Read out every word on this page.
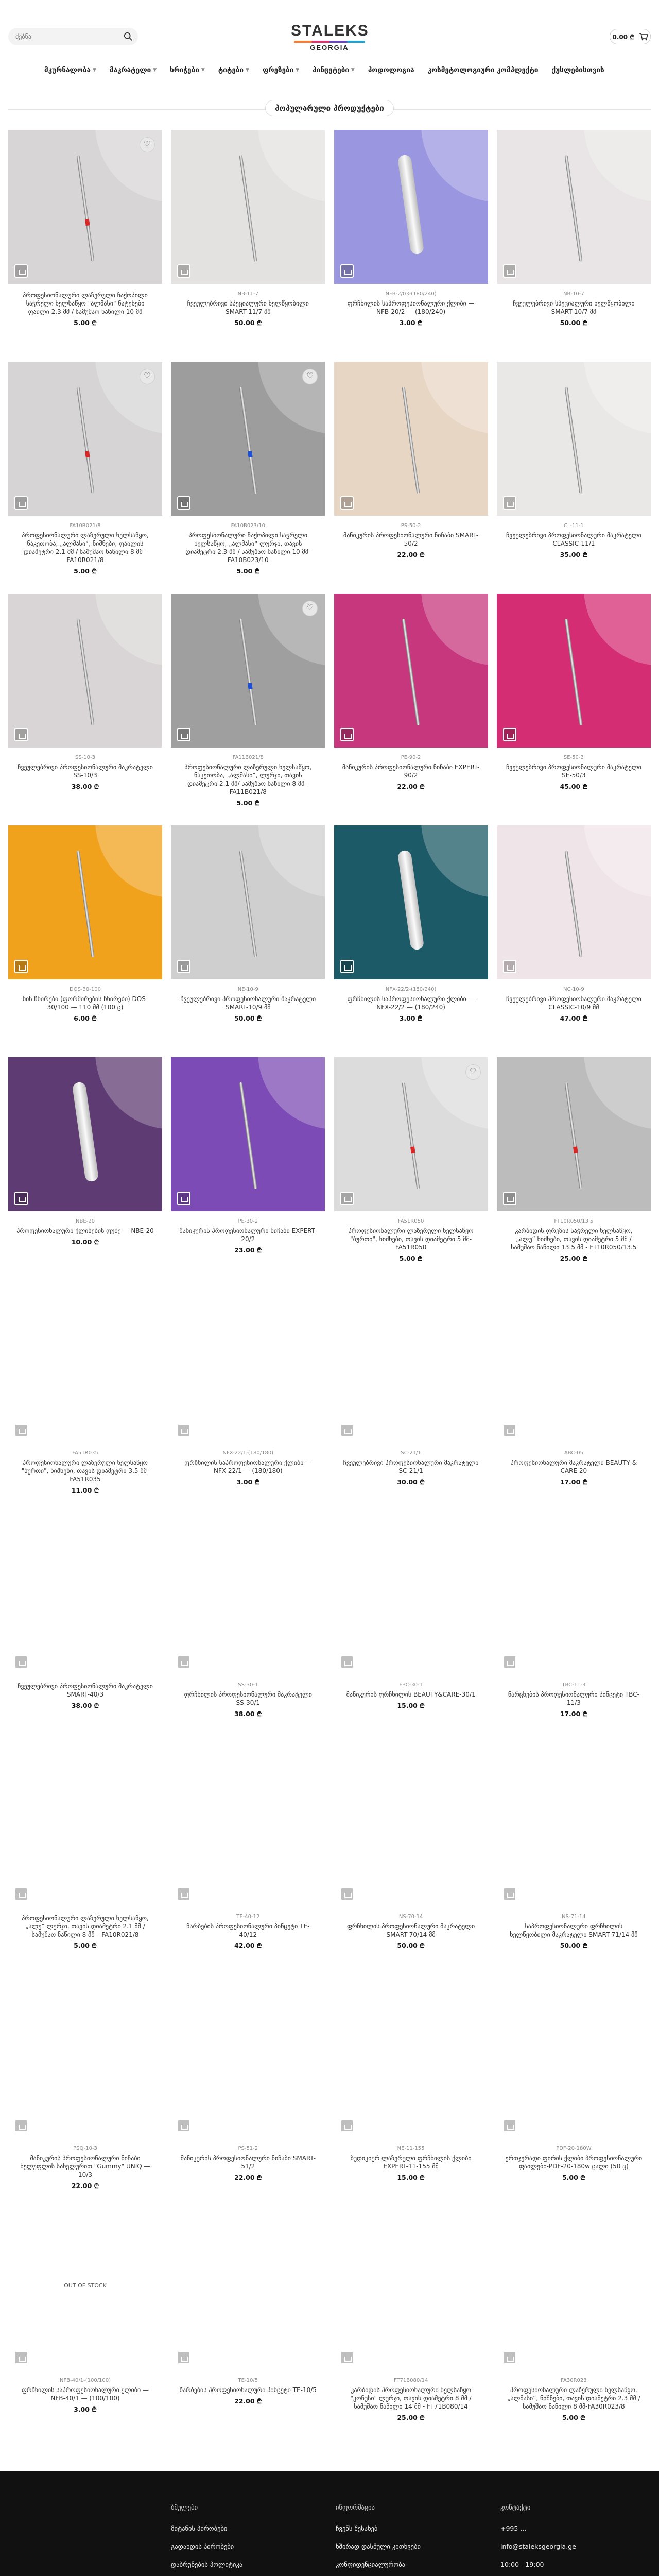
ძებნა
STALEKS
GEORGIA
0.00 ₾
მკურნალობა ▼ მაკრატელი ▼ ხრიჭები ▼ ტიტები ▼ ფრეზები ▼ პინცეტები ▼ პოდოლოგია კოსმეტოლოგიური კომპლექტი ქუსლებისთვის
პოპულარული პროდუქტები
♡
პროფესიონალური ლაზერული ჩაქოპილი საჭრელი ხელსაწყო "ალმასი" ნატეხები ფაილი 2.3 მმ / სამუშაო ნაწილი 10 მმ
5.00 ₾
NB-11-7
ჩვეულებრივი სპეციალური ხელწყობილი SMART-11/7 მმ
50.00 ₾
NFB-2/03-(180/240)
ფრჩხილის საპროფესიონალური ქლიბი — NFB-20/2 — (180/240)
3.00 ₾
NB-10-7
ჩვეულებრივი სპეციალური ხელწყობილი SMART-10/7 მმ
50.00 ₾
♡
FA10R021/8
პროფესიონალური ლაზერული ხელსაწყო, ნაკეთობა, „ალმასი“, ნიშნები, ფაილის დიამეტრი 2.1 მმ / სამუშაო ნაწილი 8 მმ - FA10R021/8
5.00 ₾
♡
FA10B023/10
პროფესიონალური ჩაქოპილი საჭრელი ხელსაწყო, „ალმასი“ ლურჯი, თავის დიამეტრი 2.3 მმ / სამუშაო ნაწილი 10 მმ-FA10B023/10
5.00 ₾
PS-50-2
მანიკურის პროფესიონალური ნიჩაბი SMART-50/2
22.00 ₾
CL-11-1
ჩვეულებრივი პროფესიონალური მაკრატელი CLASSIC-11/1
35.00 ₾
SS-10-3
ჩვეულებრივი პროფესიონალური მაკრატელი SS-10/3
38.00 ₾
♡
FA11B021/8
პროფესიონალური ლაზერული ხელსაწყო, ნაკეთობა, „ალმასი“, ლურჯი, თავის დიამეტრი 2.1 მმ/ სამუშაო ნაწილი 8 მმ - FA11B021/8
5.00 ₾
PE-90-2
მანიკურის პროფესიონალური ნიჩაბი EXPERT-90/2
22.00 ₾
SE-50-3
ჩვეულებრივი პროფესიონალური მაკრატელი SE-50/3
45.00 ₾
DOS-30-100
ხის ჩხირები (ფორმირების ჩხირები) DOS-30/100 — 110 მმ (100 ც)
6.00 ₾
NE-10-9
ჩვეულებრივი პროფესიონალური მაკრატელი SMART-10/9 მმ
50.00 ₾
NFX-22/2-(180/240)
ფრჩხილის საპროფესიონალური ქლიბი — NFX-22/2 — (180/240)
3.00 ₾
NC-10-9
ჩვეულებრივი პროფესიონალური მაკრატელი CLASSIC-10/9 მმ
47.00 ₾
NBE-20
პროფესიონალური ქლიბების ფუძე — NBE-20
10.00 ₾
PE-30-2
მანიკურის პროფესიონალური ნიჩაბი EXPERT-20/2
23.00 ₾
♡
FA51R050
პროფესიონალური ლაზერული ხელსაწყო "ბურთი", ნიშნები, თავის დიამეტრი 5 მმ-FA51R050
5.00 ₾
FT10R050/13.5
კარბიდის ფრეზის საჭრელი ხელსაწყო, „ალუ“ ნიშნები, თავის დიამეტრი 5 მმ / სამუშაო ნაწილი 13.5 მმ - FT10R050/13.5
25.00 ₾
FA51R035
პროფესიონალური ლაზერული ხელსაწყო "ბურთი", ნიშნები, თავის დიამეტრი 3,5 მმ-FA51R035
11.00 ₾
NFX-22/1-(180/180)
ფრჩხილის საპროფესიონალური ქლიბი — NFX-22/1 — (180/180)
3.00 ₾
SC-21/1
ჩვეულებრივი პროფესიონალური მაკრატელი SC-21/1
30.00 ₾
ABC-05
პროფესიონალური მაკრატელი BEAUTY & CARE 20
17.00 ₾
ჩვეულებრივი პროფესიონალური მაკრატელი SMART-40/3
38.00 ₾
SS-30-1
ფრჩხილის პროფესიონალური მაკრატელი SS-30/1
38.00 ₾
FBC-30-1
მანიკურის ფრჩხილის BEAUTY&CARE-30/1
15.00 ₾
TBC-11-3
ნარცხების პროფესიონალური პინცეტი TBC-11/3
17.00 ₾
პროფესიონალური ლაზერული ხელსაწყო, „ალუ“ ლურჯი, თავის დიამეტრი 2.1 მმ / სამუშაო ნაწილი 8 მმ – FA10R021/8
5.00 ₾
TE-40-12
წარბების პროფესიონალური პინცეტი TE-40/12
42.00 ₾
NS-70-14
ფრჩხილის პროფესიონალური მაკრატელი SMART-70/14 მმ
50.00 ₾
NS-71-14
საპროფესიონალური ფრჩხილის ხელწყობილი მაკრატელი SMART-71/14 მმ
50.00 ₾
PSQ-10-3
მანიკურის პროფესიონალური ნიჩაბი ხელუფლის სახელურით "Gummy" UNIQ — 10/3
22.00 ₾
PS-51-2
მანიკურის პროფესიონალური ნიჩაბი SMART-51/2
22.00 ₾
NE-11-155
ბუდიკიურ ლაზერული ფრჩხილის ქლიბი EXPERT-11-155 მმ
15.00 ₾
PDF-20-180W
ერთჯერადი ფირის ქლიბი პროფესიონალური ფაილები-PDF-20-180w ცალი (50 ც)
5.00 ₾
OUT OF STOCK
NFB-40/1-(100/100)
ფრჩხილის საპროფესიონალური ქლიბი — NFB-40/1 — (100/100)
3.00 ₾
TE-10/5
წარბების პროფესიონალური პინცეტი TE-10/5
22.00 ₾
FT71B080/14
კარბიდის პროფესიონალური ხელსაწყო "კონუსი" ლურჯი, თავის დიამეტრი 8 მმ / სამუშაო ნაწილი 14 მმ - FT71B080/14
25.00 ₾
FA30R023
პროფესიონალური ლაზერული ხელსაწყო, „ალმასი“, ნიშნები, თავის დიამეტრი 2.3 მმ / სამუშაო ნაწილი 8 მმ-FA30R023/8
5.00 ₾
ბმულები
მიტანის პირობები
გადახდის პირობები
დაბრუნების პოლიტიკა
ინფორმაცია
ჩვენს შესახებ
ხშირად დასმული კითხვები
კონფიდენციალურობა
კონტაქტი
+995 ...
info@staleksgeorgia.ge
10:00 - 19:00
